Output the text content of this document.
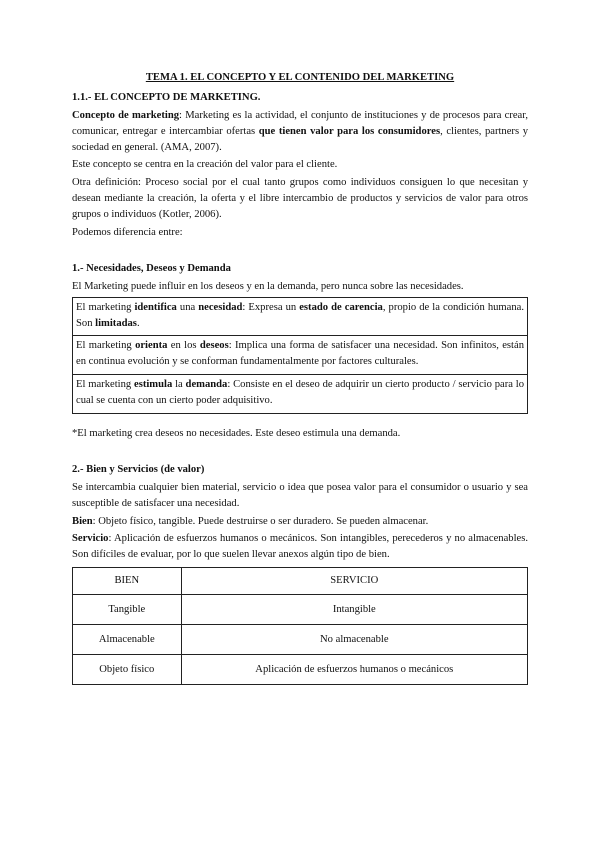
TEMA 1. EL CONCEPTO Y EL CONTENIDO DEL MARKETING
1.1.- EL CONCEPTO DE MARKETING.

Concepto de marketing: Marketing es la actividad, el conjunto de instituciones y de procesos para crear, comunicar, entregar e intercambiar ofertas que tienen valor para los consumidores, clientes, partners y sociedad en general. (AMA, 2007).

Este concepto se centra en la creación del valor para el cliente.

Otra definición: Proceso social por el cual tanto grupos como individuos consiguen lo que necesitan y desean mediante la creación, la oferta y el libre intercambio de productos y servicios de valor para otros grupos o individuos (Kotler, 2006).

Podemos diferencia entre:

1.- Necesidades, Deseos y Demanda

El Marketing puede influir en los deseos y en la demanda, pero nunca sobre las necesidades.

El marketing identifica una necesidad: Expresa un estado de carencia, propio de la condición humana. Son limitadas.
El marketing orienta en los deseos: Implica una forma de satisfacer una necesidad. Son infinitos, están en continua evolución y se conforman fundamentalmente por factores culturales.
El marketing estimula la demanda: Consiste en el deseo de adquirir un cierto producto / servicio para lo cual se cuenta con un cierto poder adquisitivo.

*El marketing crea deseos no necesidades. Este deseo estimula una demanda.

2.- Bien y Servicios (de valor)

Se intercambia cualquier bien material, servicio o idea que posea valor para el consumidor o usuario y sea susceptible de satisfacer una necesidad.

Bien: Objeto físico, tangible. Puede destruirse o ser duradero. Se pueden almacenar.

Servicio: Aplicación de esfuerzos humanos o mecánicos. Son intangibles, perecederos y no almacenables. Son difíciles de evaluar, por lo que suelen llevar anexos algún tipo de bien.

BIEN	SERVICIO
Tangible	Intangible
Almacenable	No almacenable
Objeto físico	Aplicación de esfuerzos humanos o mecánicos
